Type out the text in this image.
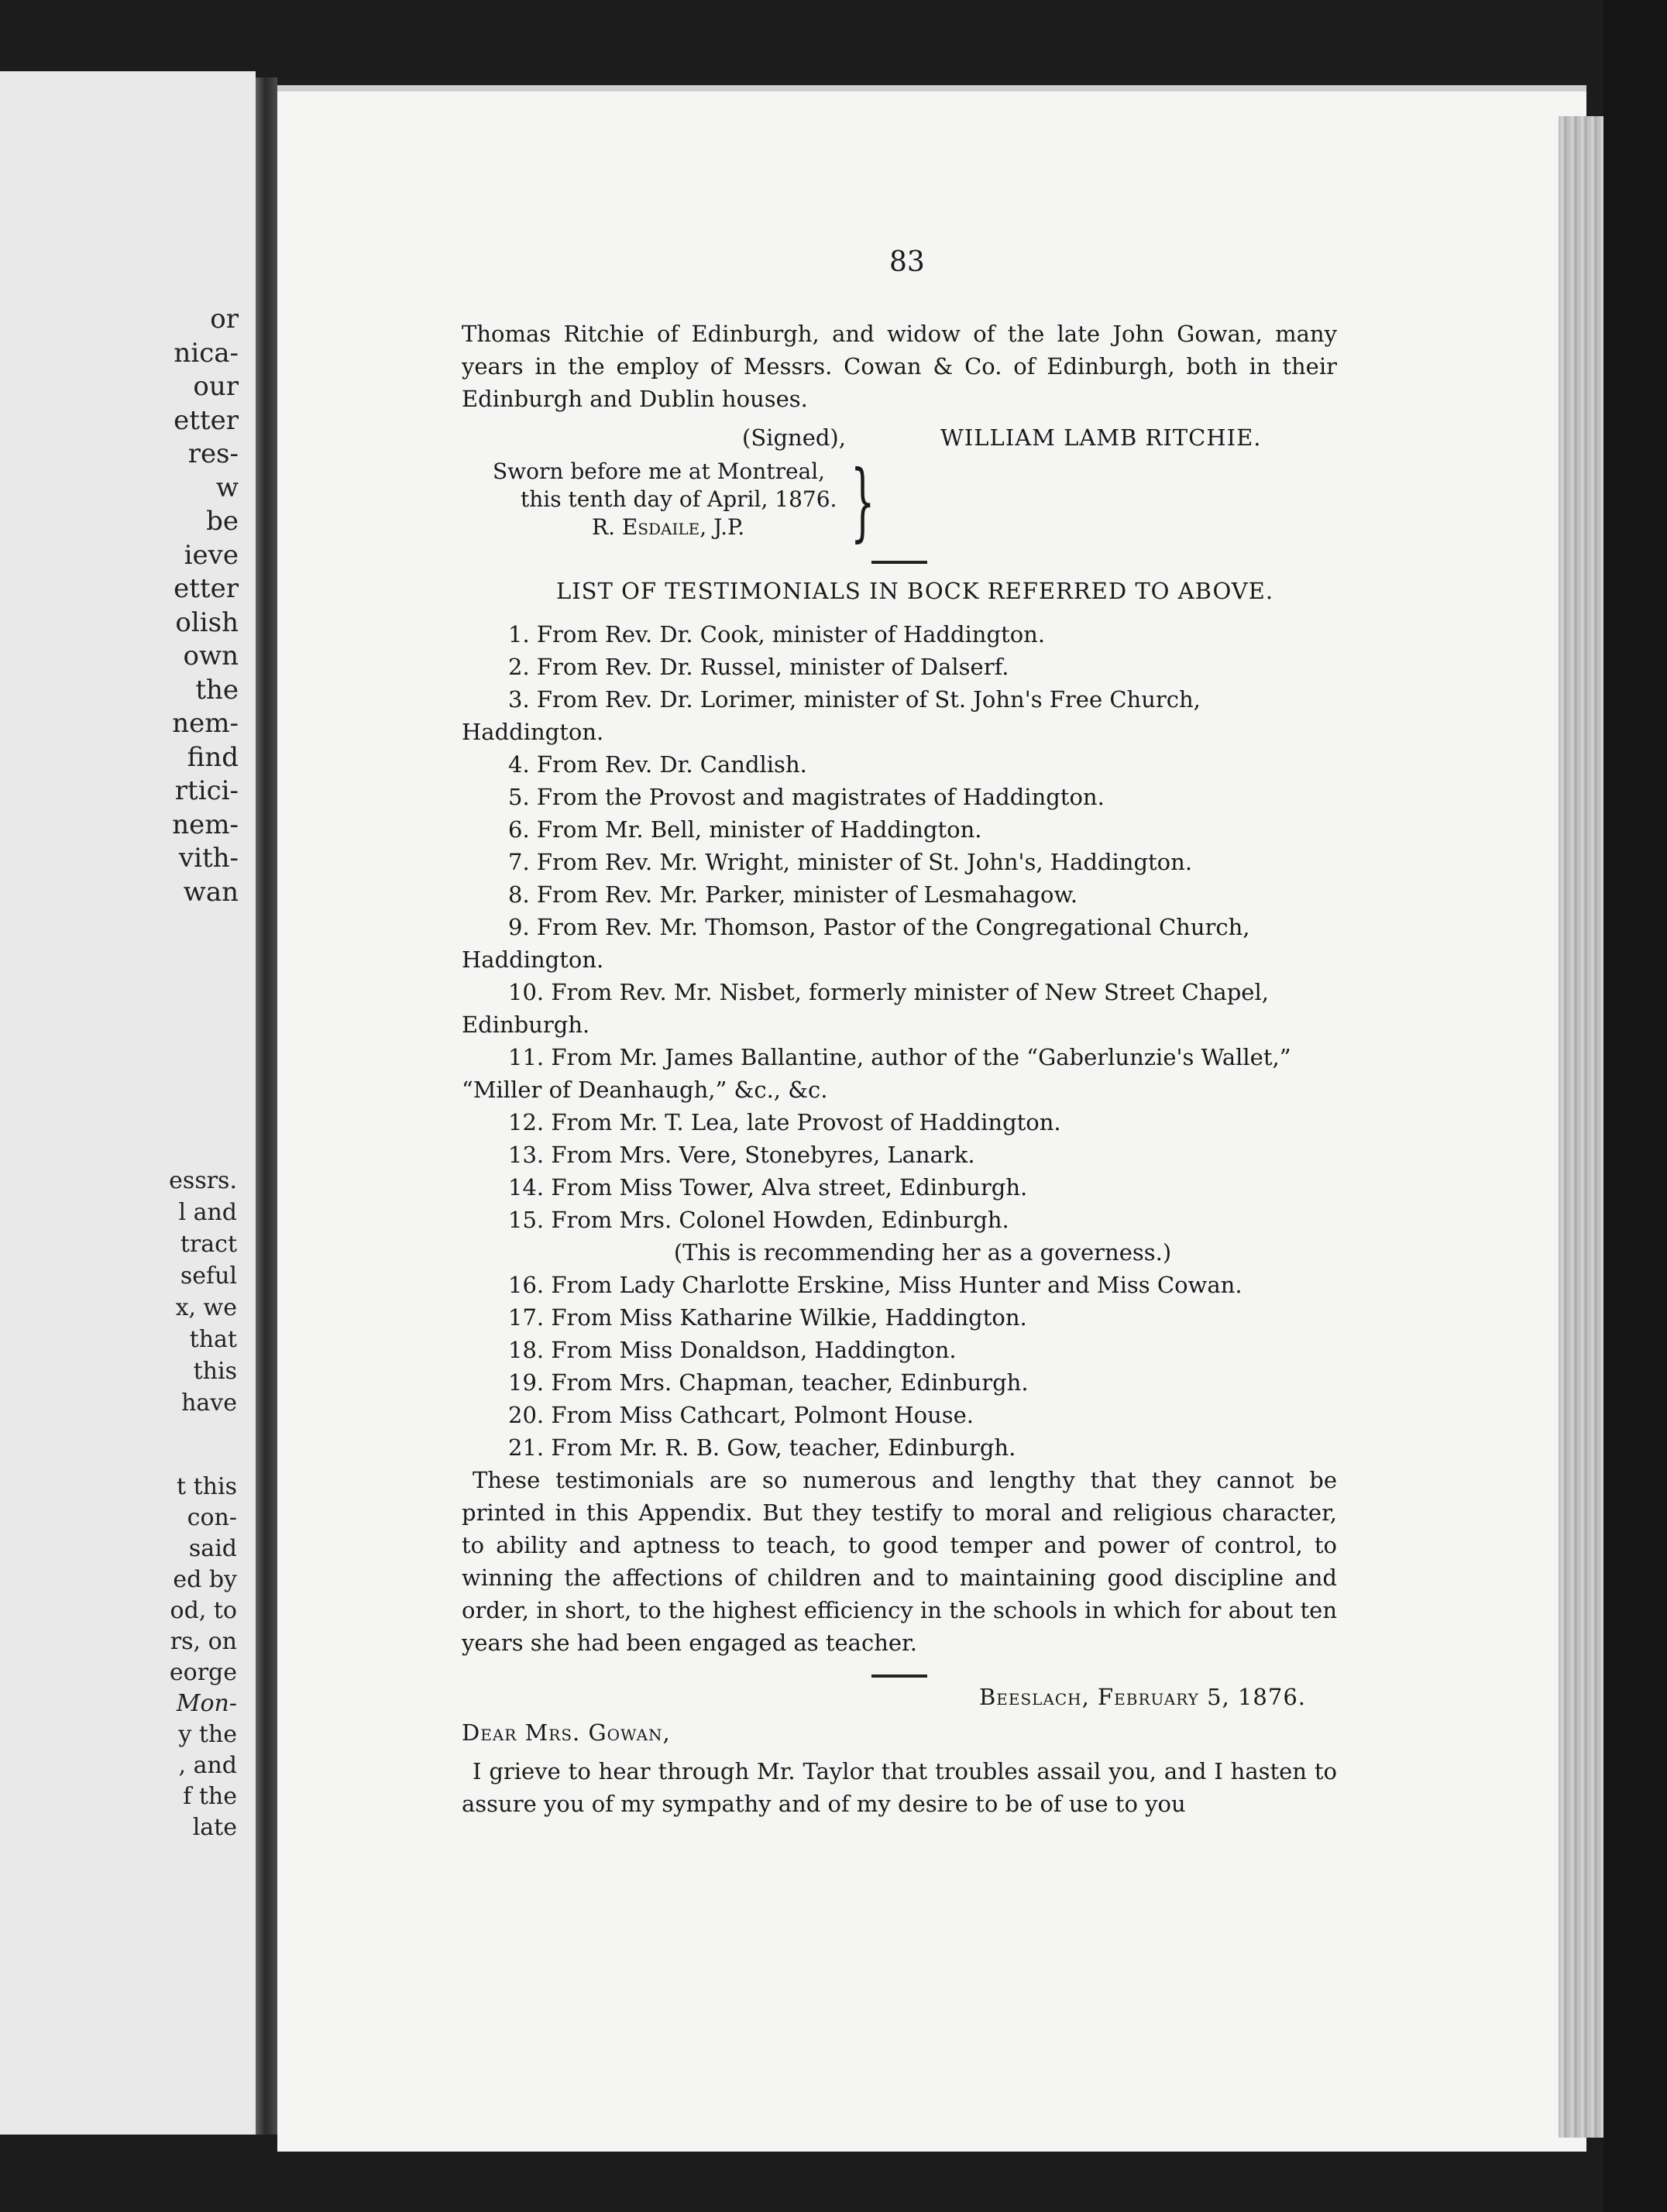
or
nica-
our
etter
res-
w
be
ieve
etter
olish
own
the
nem-
find
rtici-
nem-
vith-
wan
essrs.
l and
tract
seful
x, we
that
this
have
t this
con-
said
ed by
od, to
rs, on
eorge
Mon-
y the
, and
f the
late
83
Thomas Ritchie of Edinburgh, and widow of the late John Gowan, many years in the employ of Messrs. Cowan & Co. of Edinburgh, both in their Edinburgh and Dublin houses.
(Signed),	WILLIAM LAMB RITCHIE.
Sworn before me at Montreal,
this tenth day of April, 1876.
R. Esdaile, J.P. }
LIST OF TESTIMONIALS IN BOCK REFERRED TO ABOVE.
1. From Rev. Dr. Cook, minister of Haddington.
2. From Rev. Dr. Russel, minister of Dalserf.
3. From Rev. Dr. Lorimer, minister of St. John's Free Church, Haddington.
4. From Rev. Dr. Candlish.
5. From the Provost and magistrates of Haddington.
6. From Mr. Bell, minister of Haddington.
7. From Rev. Mr. Wright, minister of St. John's, Haddington.
8. From Rev. Mr. Parker, minister of Lesmahagow.
9. From Rev. Mr. Thomson, Pastor of the Congregational Church, Haddington.
10. From Rev. Mr. Nisbet, formerly minister of New Street Chapel, Edinburgh.
11. From Mr. James Ballantine, author of the “Gaberlunzie's Wallet,” “Miller of Deanhaugh,” &c., &c.
12. From Mr. T. Lea, late Provost of Haddington.
13. From Mrs. Vere, Stonebyres, Lanark.
14. From Miss Tower, Alva street, Edinburgh.
15. From Mrs. Colonel Howden, Edinburgh.
(This is recommending her as a governess.)
16. From Lady Charlotte Erskine, Miss Hunter and Miss Cowan.
17. From Miss Katharine Wilkie, Haddington.
18. From Miss Donaldson, Haddington.
19. From Mrs. Chapman, teacher, Edinburgh.
20. From Miss Cathcart, Polmont House.
21. From Mr. R. B. Gow, teacher, Edinburgh.
These testimonials are so numerous and lengthy that they cannot be printed in this Appendix. But they testify to moral and religious character, to ability and aptness to teach, to good temper and power of control, to winning the affections of children and to maintaining good discipline and order, in short, to the highest efficiency in the schools in which for about ten years she had been engaged as teacher.
Beeslach, February 5, 1876.
Dear Mrs. Gowan,
I grieve to hear through Mr. Taylor that troubles assail you, and I hasten to assure you of my sympathy and of my desire to be of use to you
